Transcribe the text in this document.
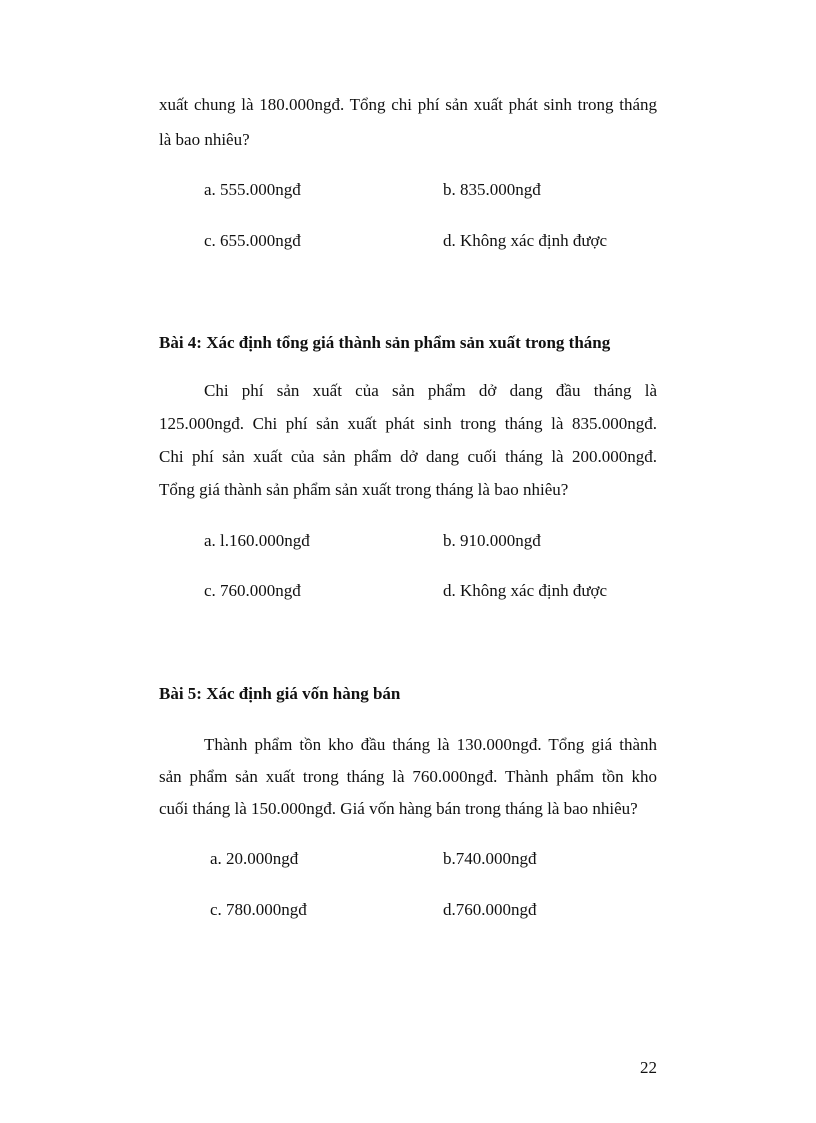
xuất chung là 180.000ngđ. Tổng chi phí sản xuất phát sinh trong tháng
là bao nhiêu?
a. 555.000ngđ	b. 835.000ngđ
c. 655.000ngđ	d. Không xác định được
Bài 4: Xác định tổng giá thành sản phẩm sản xuất trong tháng
Chi phí sản xuất của sản phẩm dở dang đầu tháng là
125.000ngđ. Chi phí sản xuất phát sinh trong tháng là 835.000ngđ.
Chi phí sản xuất của sản phẩm dở dang cuối tháng là 200.000ngđ.
Tổng giá thành sản phẩm sản xuất trong tháng là bao nhiêu?
a. l.160.000ngđ	b. 910.000ngđ
c. 760.000ngđ	d. Không xác định được
Bài 5: Xác định giá vốn hàng bán
Thành phẩm tồn kho đầu tháng là 130.000ngđ. Tổng giá thành
sản phẩm sản xuất trong tháng là 760.000ngđ. Thành phẩm tồn kho
cuối tháng là 150.000ngđ. Giá vốn hàng bán trong tháng là bao nhiêu?
a. 20.000ngđ	b.740.000ngđ
c. 780.000ngđ	d.760.000ngđ
22
